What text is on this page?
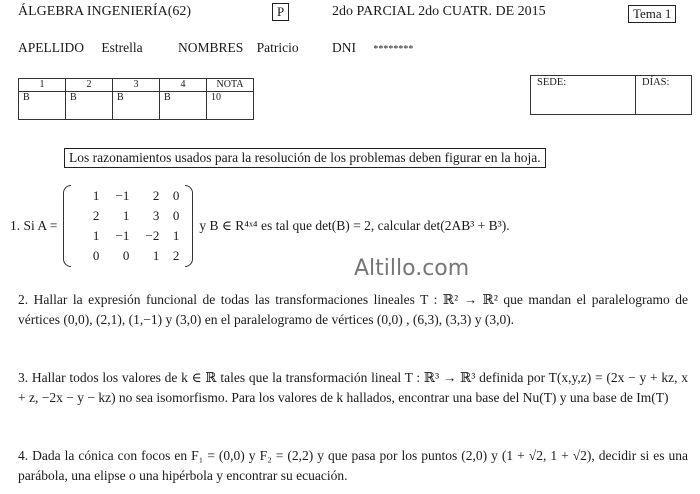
ÁLGEBRA INGENIERÍA(62)	P	2do PARCIAL 2do CUATR. DE 2015	Tema 1
APELLIDO Estrella	NOMBRES Patricio DNI ********
1	2	3	4	NOTA
B	B	B	B	10
SEDE:	DÍAS:
Los razonamientos usados para la resolución de los problemas deben figurar en la hoja.
1. Si A =
1	−1	2	0
2	1	3	0
1	−1	−2	1
0	0	1	2
y B ∈ R⁴ˣ⁴ es tal que det(B) = 2, calcular det(2AB³ + B³).
Altillo.com
2. Hallar la expresión funcional de todas las transformaciones lineales T : ℝ² → ℝ² que mandan el paralelogramo de vértices (0,0), (2,1), (1,−1) y (3,0) en el paralelogramo de vértices (0,0) , (6,3), (3,3) y (3,0).
3. Hallar todos los valores de k ∈ ℝ tales que la transformación lineal T : ℝ³ → ℝ³ definida por T(x,y,z) = (2x − y + kz, x + z, −2x − y − kz) no sea isomorfismo. Para los valores de k hallados, encontrar una base del Nu(T) y una base de Im(T)
4. Dada la cónica con focos en F₁ = (0,0) y F₂ = (2,2) y que pasa por los puntos (2,0) y (1 + √2, 1 + √2), decidir si es una parábola, una elipse o una hipérbola y encontrar su ecuación.
